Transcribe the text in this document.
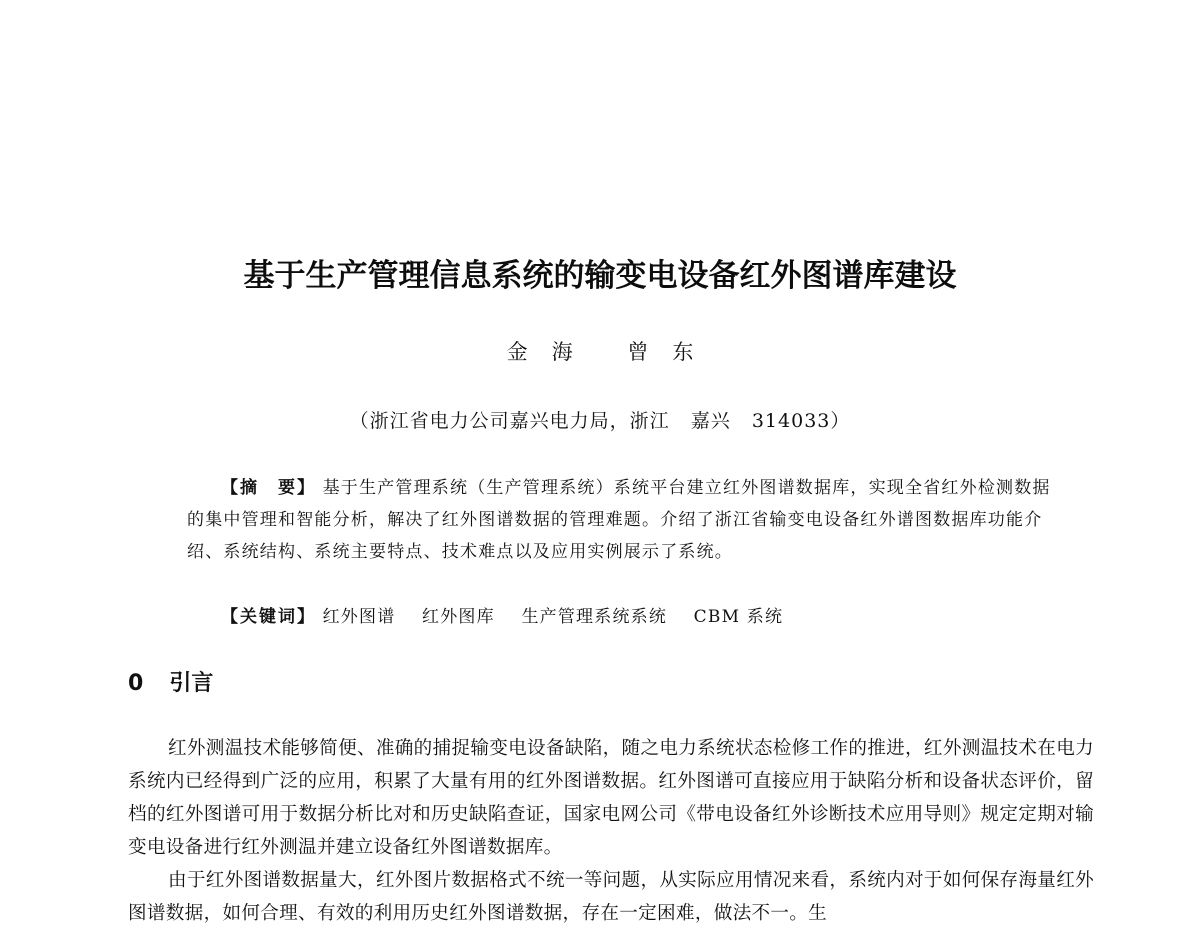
基于生产管理信息系统的输变电设备红外图谱库建设
金海 曾东
（浙江省电力公司嘉兴电力局，浙江   嘉兴   314033）

【摘　要】 基于生产管理系统（生产管理系统）系统平台建立红外图谱数据库，实现全省红外检测数据的集中管理和智能分析，解决了红外图谱数据的管理难题。介绍了浙江省输变电设备红外谱图数据库功能介绍、系统结构、系统主要特点、技术难点以及应用实例展示了系统。

【关键词】 红外图谱 红外图库 生产管理系统系统 CBM 系统
0 引言

红外测温技术能够简便、准确的捕捉输变电设备缺陷，随之电力系统状态检修工作的推进，红外测温技术在电力系统内已经得到广泛的应用，积累了大量有用的红外图谱数据。红外图谱可直接应用于缺陷分析和设备状态评价，留档的红外图谱可用于数据分析比对和历史缺陷查证，国家电网公司《带电设备红外诊断技术应用导则》规定定期对输变电设备进行红外测温并建立设备红外图谱数据库。

由于红外图谱数据量大，红外图片数据格式不统一等问题，从实际应用情况来看，系统内对于如何保存海量红外图谱数据，如何合理、有效的利用历史红外图谱数据，存在一定困难，做法不一。生
